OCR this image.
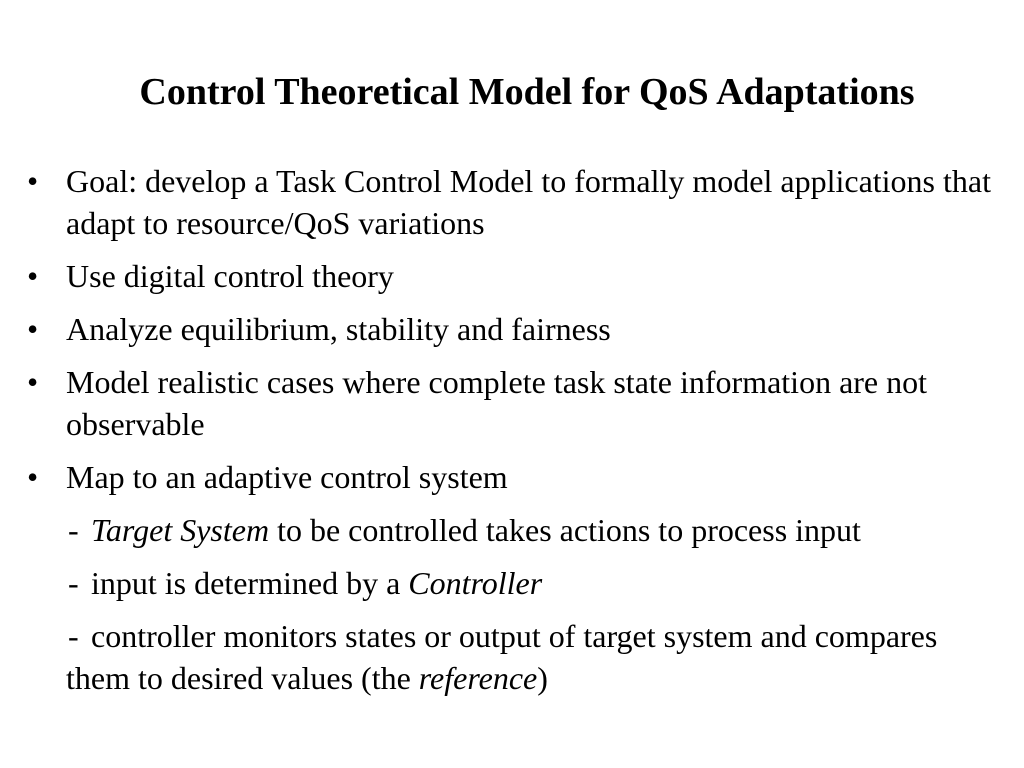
Control Theoretical Model for QoS Adaptations
• Goal: develop a Task Control Model to formally model applications that adapt to resource/QoS variations
• Use digital control theory
• Analyze equilibrium, stability and fairness
• Model realistic cases where complete task state information are not observable
• Map to an adaptive control system
- Target System to be controlled takes actions to process input
- input is determined by a Controller
- controller monitors states or output of target system and compares them to desired values (the reference)
